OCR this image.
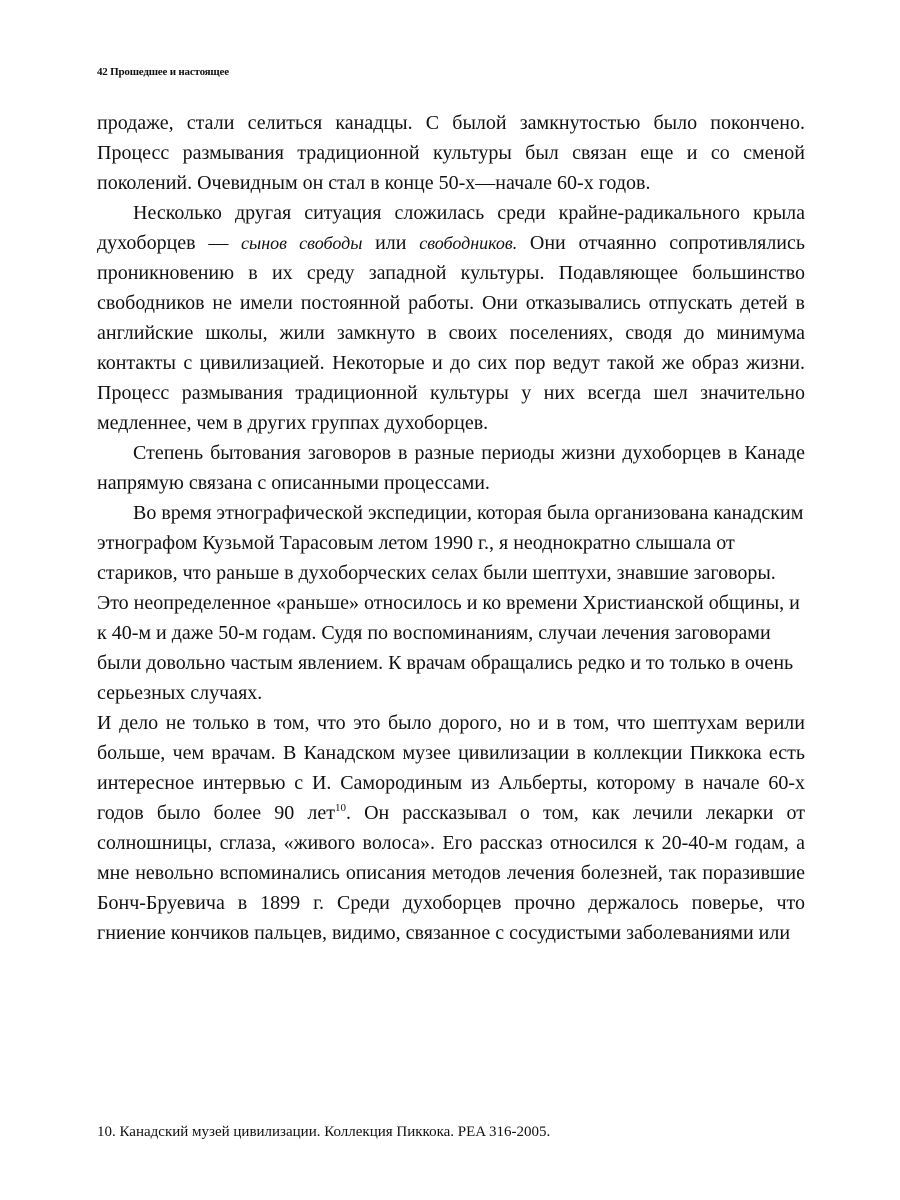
42 Прошедшее и настоящее

продаже, стали селиться канадцы. С былой замкнутостью было покончено. Процесс размывания традиционной культуры был связан еще и со сменой поколений. Очевидным он стал в конце 50-х—начале 60-х годов.

Несколько другая ситуация сложилась среди крайне-радикального крыла духоборцев — сынов свободы или свободников. Они отчаянно сопротивлялись проникновению в их среду западной культуры. Подавляющее большинство свободников не имели постоянной работы. Они отказывались отпускать детей в английские школы, жили замкнуто в своих поселениях, сводя до минимума контакты с цивилизацией. Некоторые и до сих пор ведут такой же образ жизни. Процесс размывания традиционной культуры у них всегда шел значительно медленнее, чем в других группах духоборцев.

Степень бытования заговоров в разные периоды жизни духоборцев в Канаде напрямую связана с описанными процессами.

Во время этнографической экспедиции, которая была организована канадским этнографом Кузьмой Тарасовым летом 1990 г., я неоднократно слышала от стариков, что раньше в духоборческих селах были шептухи, знавшие заговоры. Это неопределенное «раньше» относилось и ко времени Христианской общины, и к 40-м и даже 50-м годам. Судя по воспоминаниям, случаи лечения заговорами были довольно частым явлением. К врачам обращались редко и то только в очень серьезных случаях.

И дело не только в том, что это было дорого, но и в том, что шептухам верили больше, чем врачам. В Канадском музее цивилизации в коллекции Пиккока есть интересное интервью с И. Самородиным из Альберты, которому в начале 60-х годов было более 90 лет$^{10}$. Он рассказывал о том, как лечили лекарки от солношницы, сглаза, «живого волоса». Его рассказ относился к 20-40-м годам, а мне невольно вспоминались описания методов лечения болезней, так поразившие Бонч-Бруевича в 1899 г. Среди духоборцев прочно держалось поверье, что гниение кончиков пальцев, видимо, связанное с сосудистыми заболеваниями или

10. Канадский музей цивилизации. Коллекция Пиккока. PEA 316-2005.
